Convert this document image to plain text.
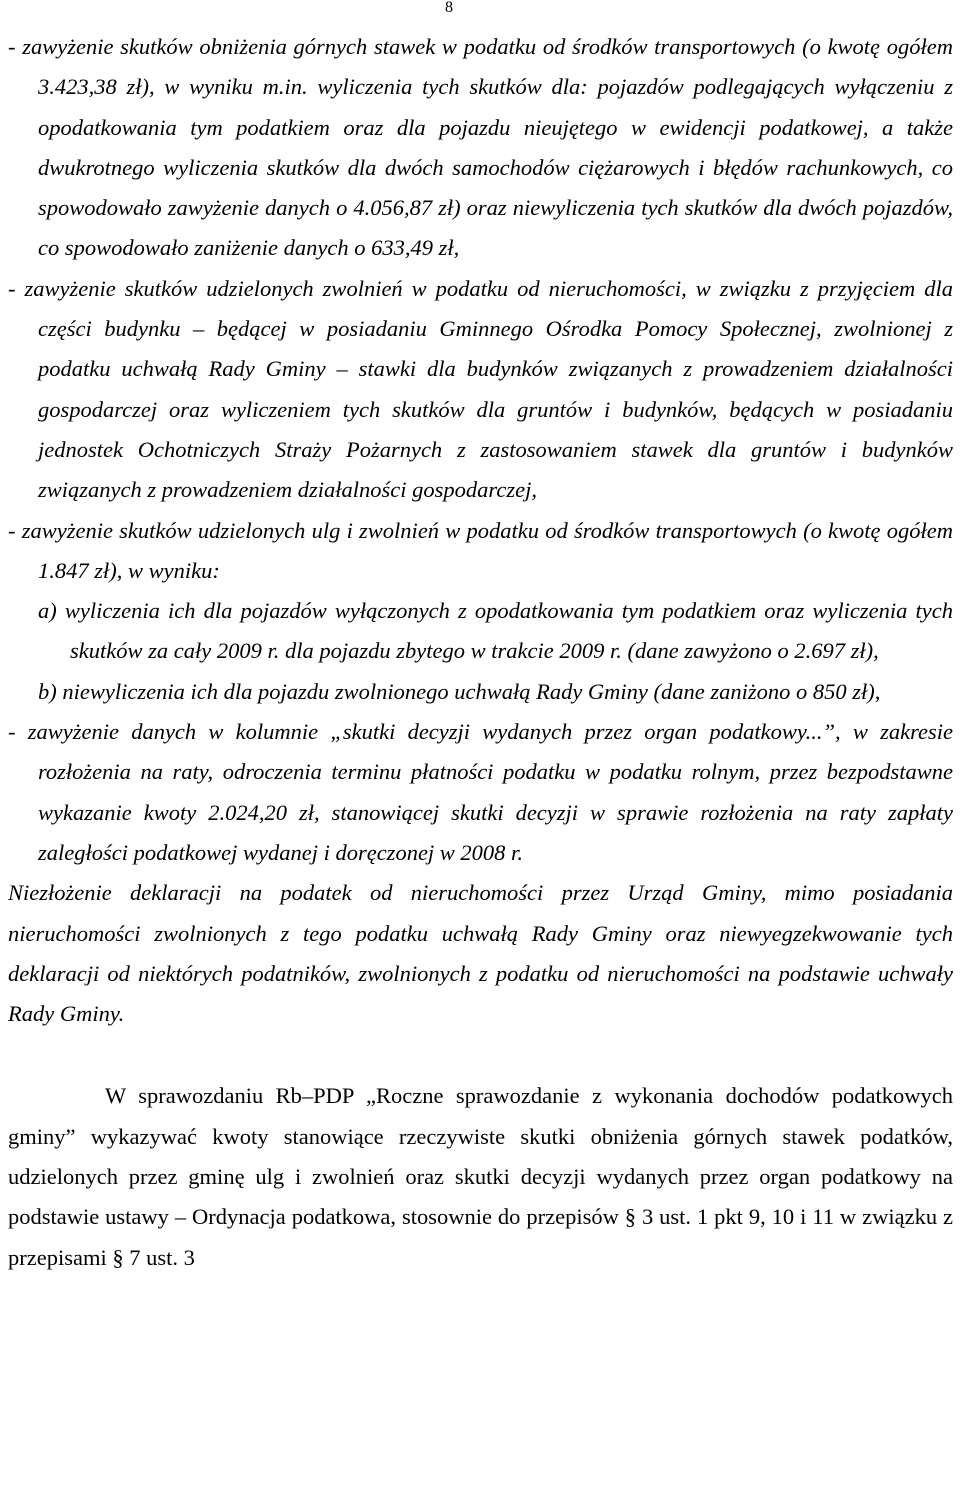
8

- zawyżenie skutków obniżenia górnych stawek w podatku od środków transportowych (o kwotę ogółem 3.423,38 zł), w wyniku m.in. wyliczenia tych skutków dla: pojazdów podlegających wyłączeniu z opodatkowania tym podatkiem oraz dla pojazdu nieujętego w ewidencji podatkowej, a także dwukrotnego wyliczenia skutków dla dwóch samochodów ciężarowych i błędów rachunkowych, co spowodowało zawyżenie danych o 4.056,87 zł) oraz niewyliczenia tych skutków dla dwóch pojazdów, co spowodowało zaniżenie danych o 633,49 zł,

- zawyżenie skutków udzielonych zwolnień w podatku od nieruchomości, w związku z przyjęciem dla części budynku – będącej w posiadaniu Gminnego Ośrodka Pomocy Społecznej, zwolnionej z podatku uchwałą Rady Gminy – stawki dla budynków związanych z prowadzeniem działalności gospodarczej oraz wyliczeniem tych skutków dla gruntów i budynków, będących w posiadaniu jednostek Ochotniczych Straży Pożarnych z zastosowaniem stawek dla gruntów i budynków związanych z prowadzeniem działalności gospodarczej,

- zawyżenie skutków udzielonych ulg i zwolnień w podatku od środków transportowych (o kwotę ogółem 1.847 zł), w wyniku:

a) wyliczenia ich dla pojazdów wyłączonych z opodatkowania tym podatkiem oraz wyliczenia tych skutków za cały 2009 r. dla pojazdu zbytego w trakcie 2009 r. (dane zawyżono o 2.697 zł),

b) niewyliczenia ich dla pojazdu zwolnionego uchwałą Rady Gminy (dane zaniżono o 850 zł),

- zawyżenie danych w kolumnie „skutki decyzji wydanych przez organ podatkowy...”, w zakresie rozłożenia na raty, odroczenia terminu płatności podatku w podatku rolnym, przez bezpodstawne wykazanie kwoty 2.024,20 zł, stanowiącej skutki decyzji w sprawie rozłożenia na raty zapłaty zaległości podatkowej wydanej i doręczonej w 2008 r.

Niezłożenie deklaracji na podatek od nieruchomości przez Urząd Gminy, mimo posiadania nieruchomości zwolnionych z tego podatku uchwałą Rady Gminy oraz niewyegzekwowanie tych deklaracji od niektórych podatników, zwolnionych z podatku od nieruchomości na podstawie uchwały Rady Gminy.

W sprawozdaniu Rb–PDP „Roczne sprawozdanie z wykonania dochodów podatkowych gminy” wykazywać kwoty stanowiące rzeczywiste skutki obniżenia górnych stawek podatków, udzielonych przez gminę ulg i zwolnień oraz skutki decyzji wydanych przez organ podatkowy na podstawie ustawy – Ordynacja podatkowa, stosownie do przepisów § 3 ust. 1 pkt 9, 10 i 11 w związku z przepisami § 7 ust. 3
